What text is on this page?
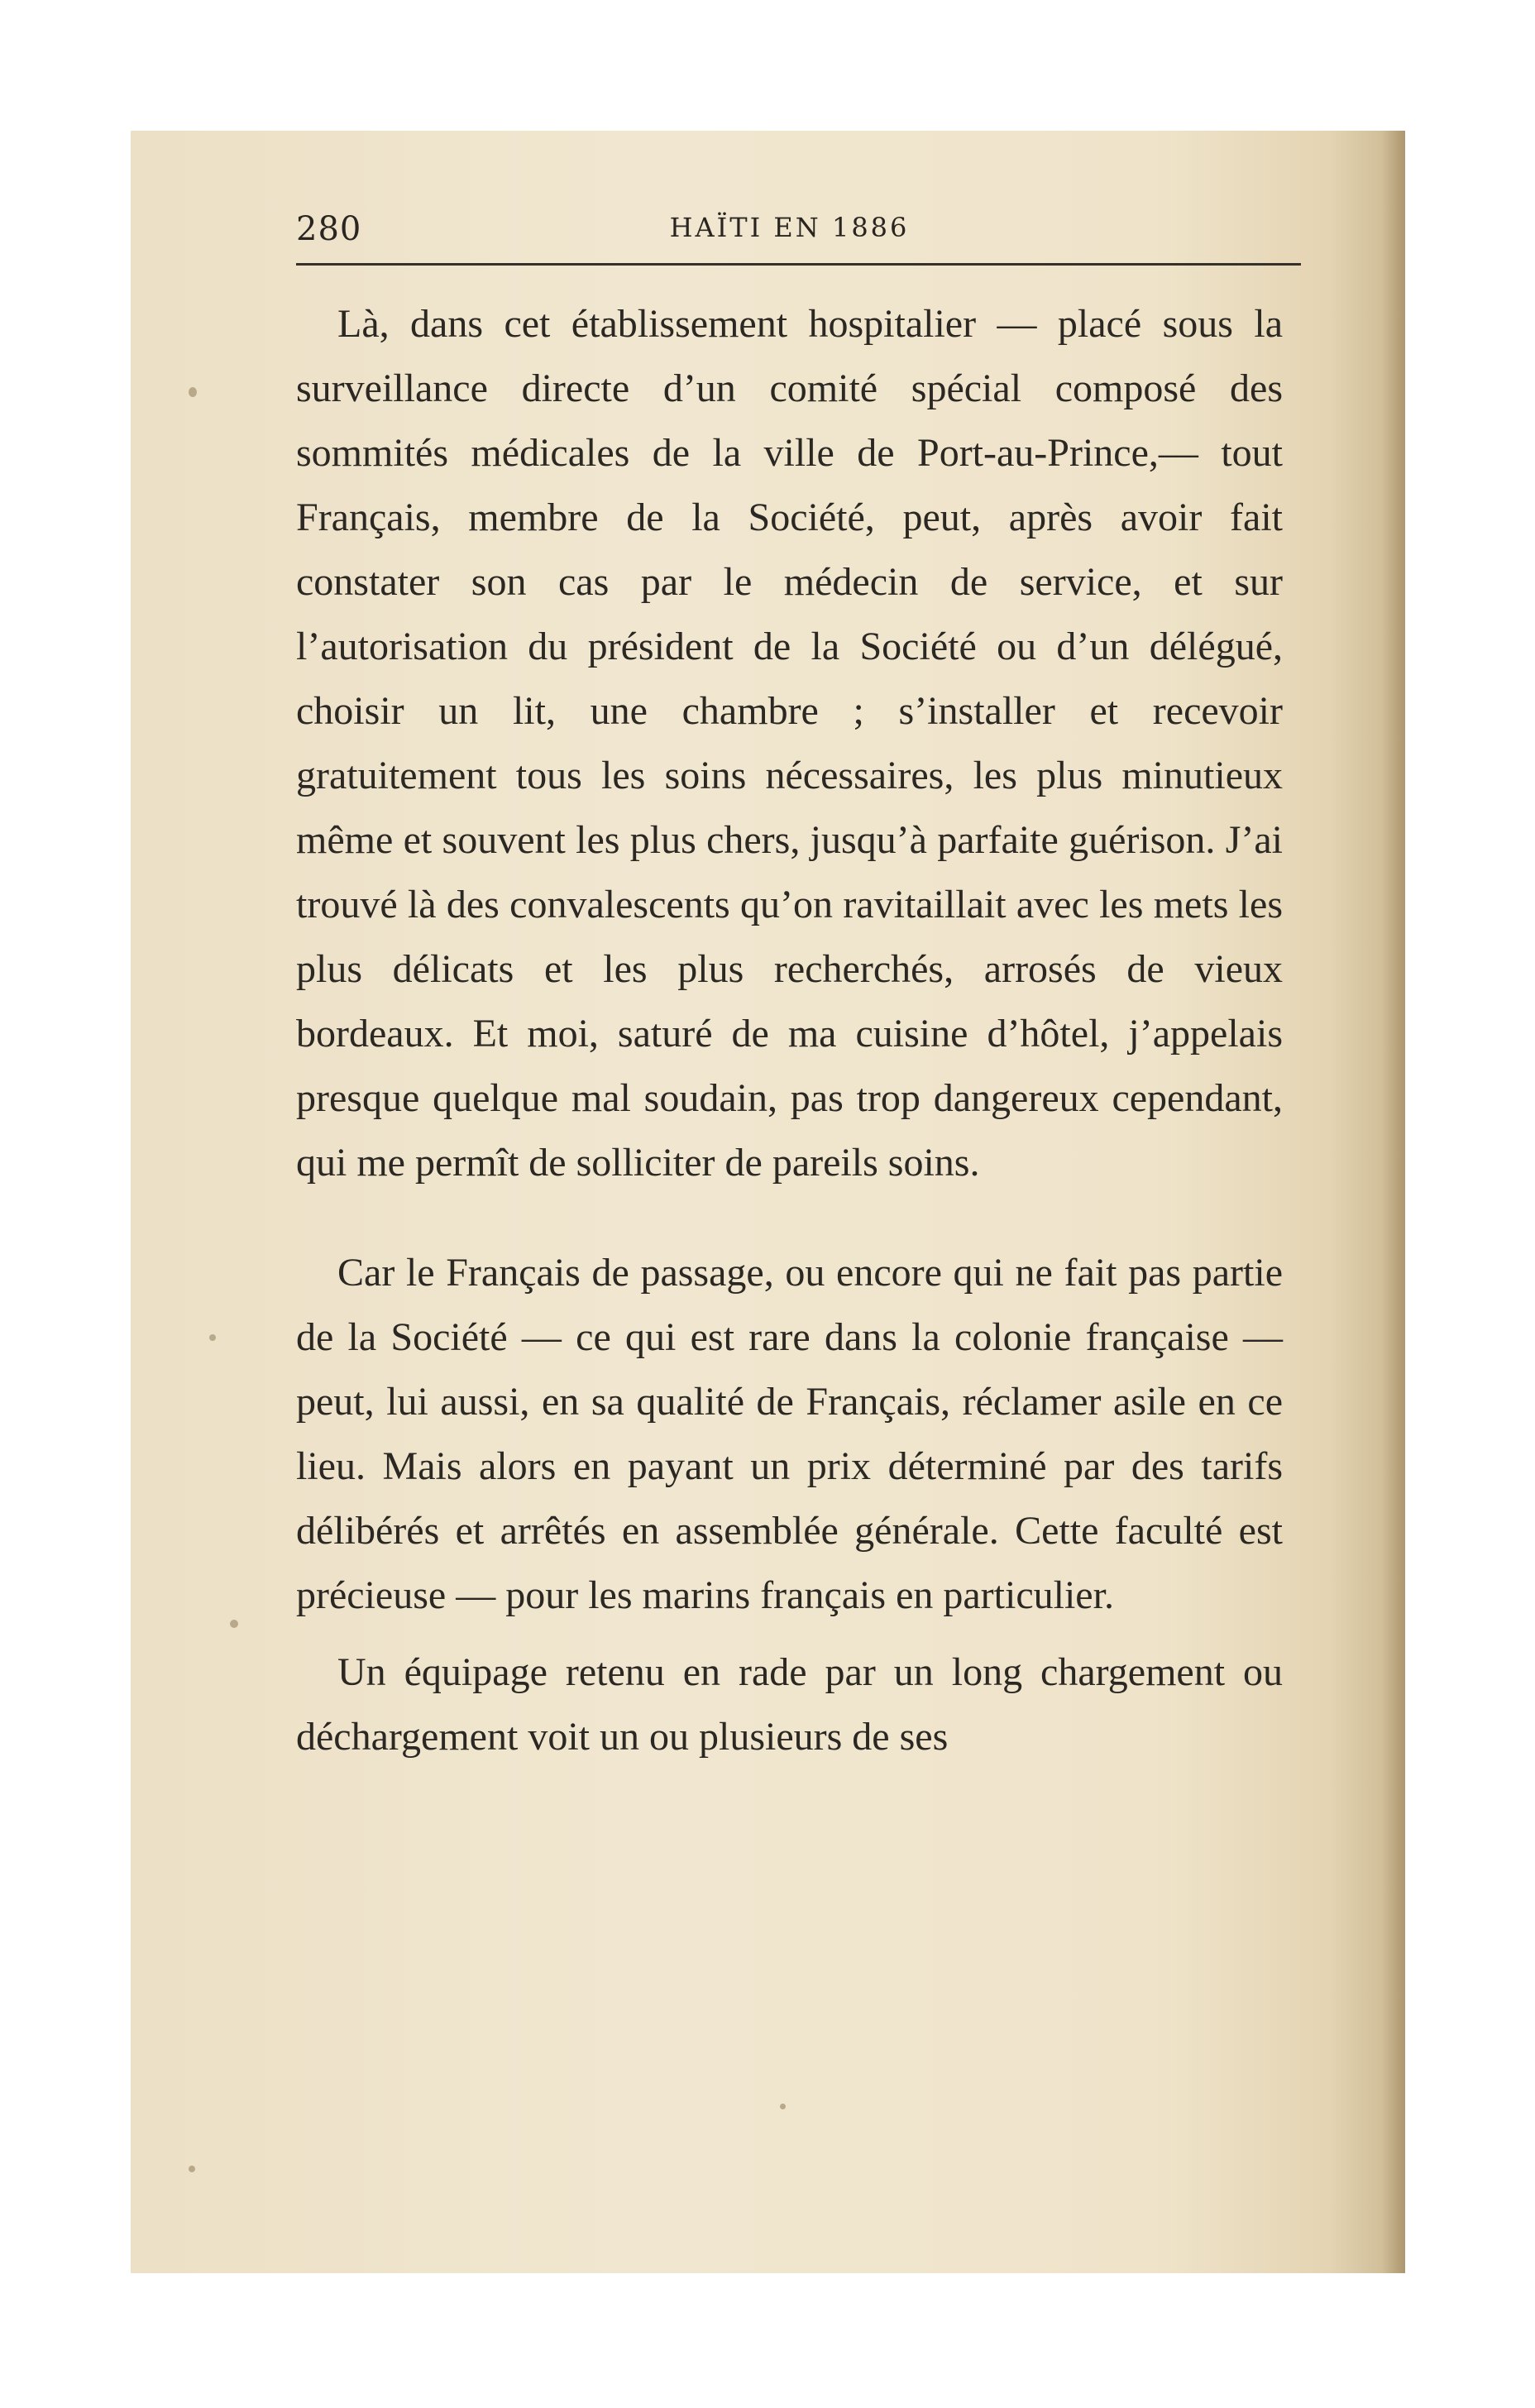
280	HAÏTI EN 1886

Là, dans cet établissement hospitalier — placé sous la surveillance directe d’un comité spécial composé des sommités médicales de la ville de Port-au-Prince,— tout Français, membre de la Société, peut, après avoir fait constater son cas par le médecin de service, et sur l’autorisation du président de la Société ou d’un délégué, choisir un lit, une chambre ; s’installer et recevoir gratuitement tous les soins nécessaires, les plus minutieux même et souvent les plus chers, jusqu’à parfaite guérison. J’ai trouvé là des convalescents qu’on ravitaillait avec les mets les plus délicats et les plus recherchés, arrosés de vieux bordeaux. Et moi, saturé de ma cuisine d’hôtel, j’appelais presque quelque mal soudain, pas trop dangereux cependant, qui me permît de solliciter de pareils soins.

Car le Français de passage, ou encore qui ne fait pas partie de la Société — ce qui est rare dans la colonie française — peut, lui aussi, en sa qualité de Français, réclamer asile en ce lieu. Mais alors en payant un prix déterminé par des tarifs délibérés et arrêtés en assemblée générale. Cette faculté est précieuse — pour les marins français en particulier.

Un équipage retenu en rade par un long chargement ou déchargement voit un ou plusieurs de ses
